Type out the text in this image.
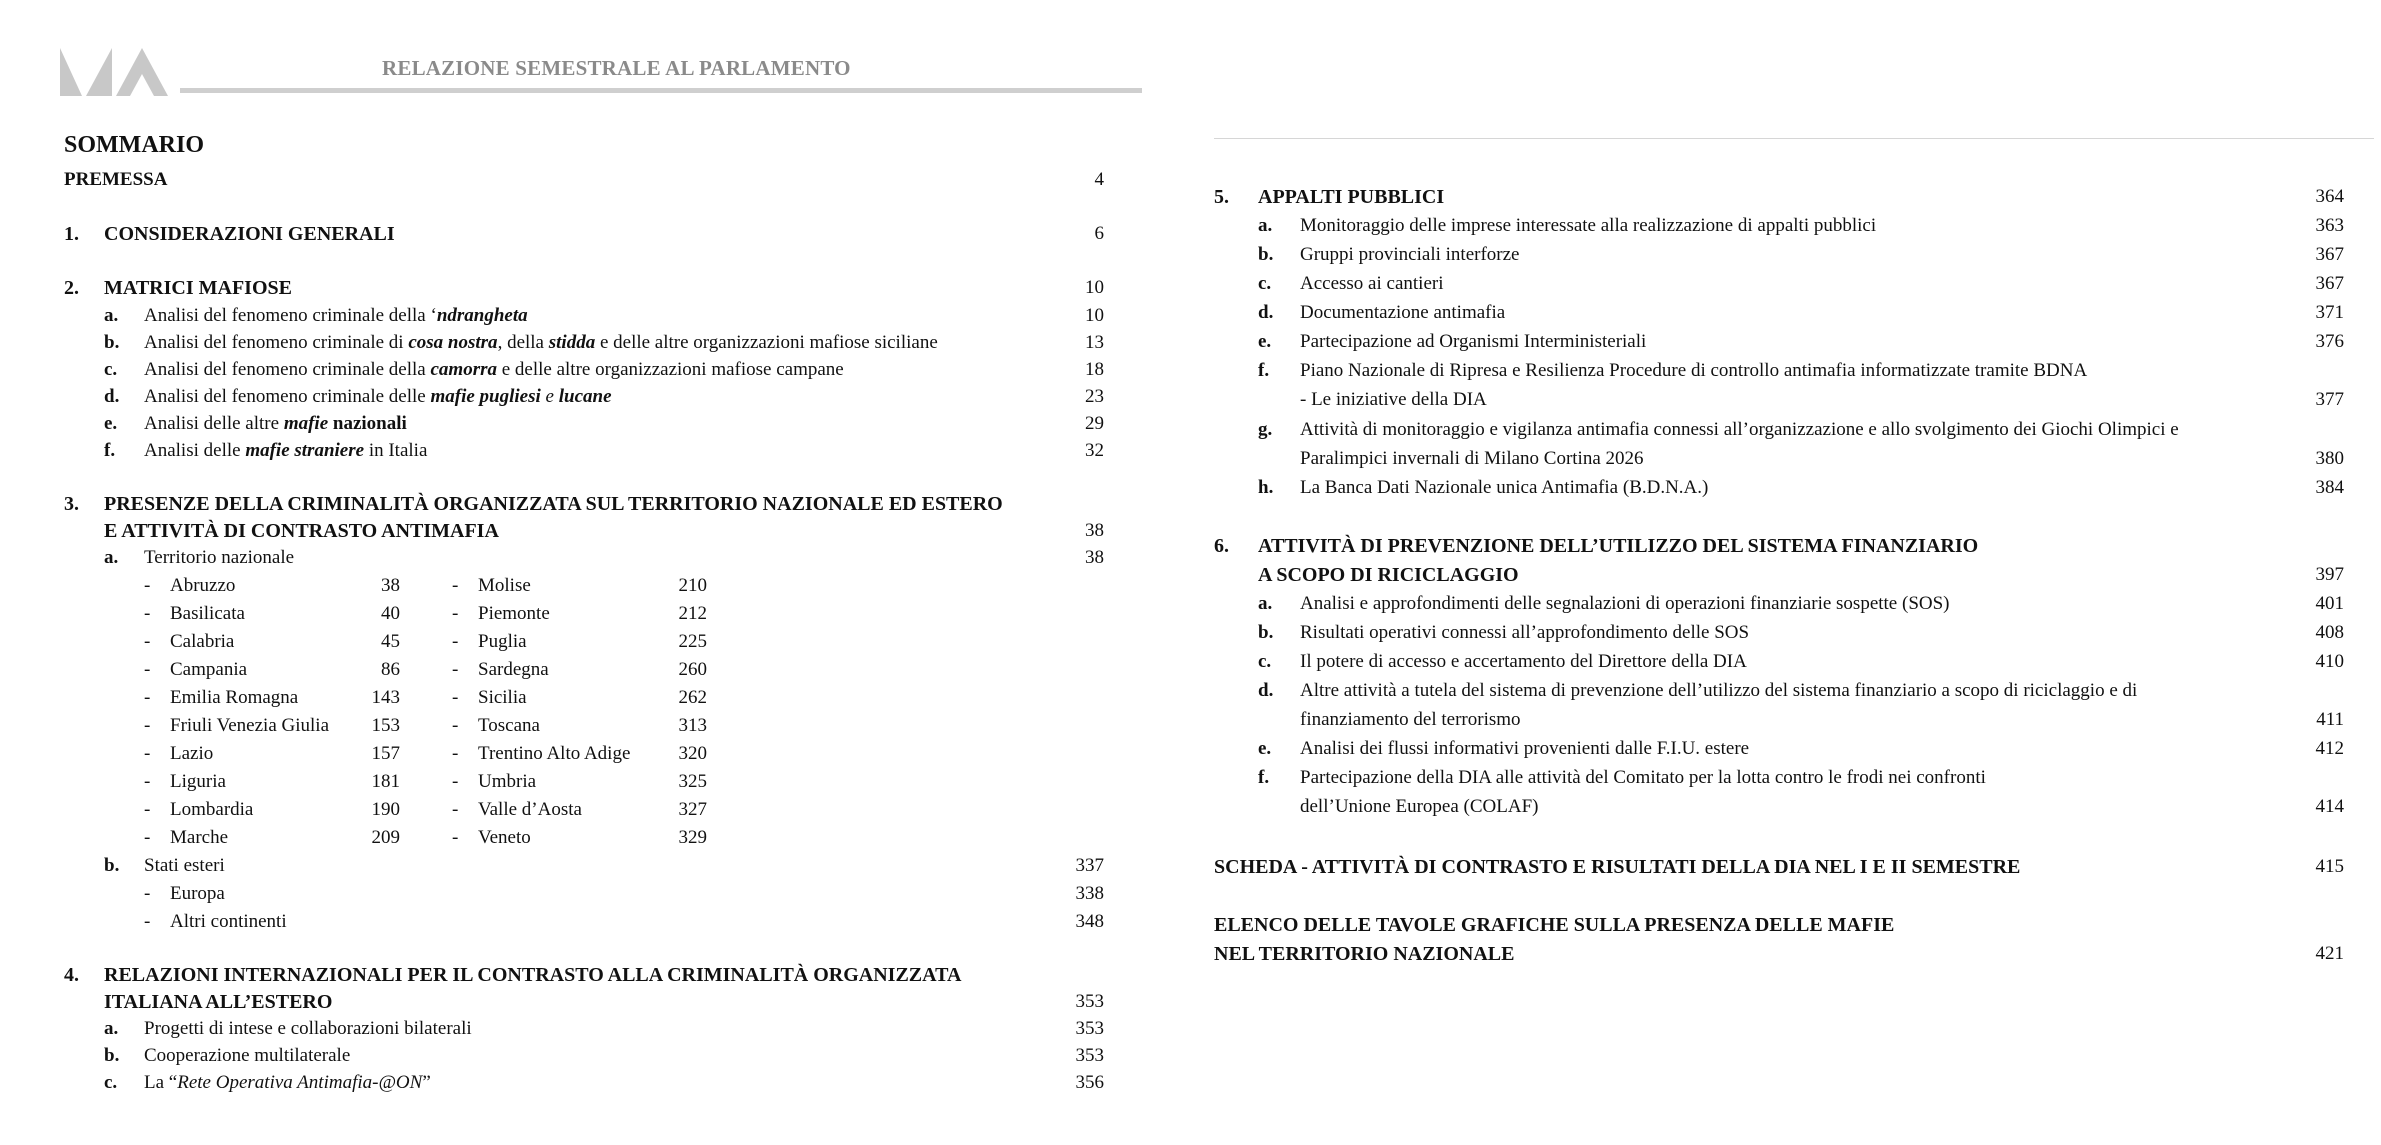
RELAZIONE SEMESTRALE AL PARLAMENTO
SOMMARIO
PREMESSA	4
1. CONSIDERAZIONI GENERALI	6
2. MATRICI MAFIOSE	10
a. Analisi del fenomeno criminale della ‘ndrangheta	10
b. Analisi del fenomeno criminale di cosa nostra, della stidda e delle altre organizzazioni mafiose siciliane	13
c. Analisi del fenomeno criminale della camorra e delle altre organizzazioni mafiose campane	18
d. Analisi del fenomeno criminale delle mafie pugliesi e lucane	23
e. Analisi delle altre mafie nazionali	29
f. Analisi delle mafie straniere in Italia	32
3. PRESENZE DELLA CRIMINALITÀ ORGANIZZATA SUL TERRITORIO NAZIONALE ED ESTERO
E ATTIVITÀ DI CONTRASTO ANTIMAFIA	38
a. Territorio nazionale	38
- Abruzzo	38
- Basilicata	40
- Calabria	45
- Campania	86
- Emilia Romagna	143
- Friuli Venezia Giulia	153
- Lazio	157
- Liguria	181
- Lombardia	190
- Marche	209
- Molise	210
- Piemonte	212
- Puglia	225
- Sardegna	260
- Sicilia	262
- Toscana	313
- Trentino Alto Adige	320
- Umbria	325
- Valle d’Aosta	327
- Veneto	329
b. Stati esteri	337
- Europa	338
- Altri continenti	348
4. RELAZIONI INTERNAZIONALI PER IL CONTRASTO ALLA CRIMINALITÀ ORGANIZZATA
ITALIANA ALL’ESTERO	353
a. Progetti di intese e collaborazioni bilaterali	353
b. Cooperazione multilaterale	353
c. La “Rete Operativa Antimafia-@ON”	356
5. APPALTI PUBBLICI	364
a. Monitoraggio delle imprese interessate alla realizzazione di appalti pubblici	363
b. Gruppi provinciali interforze	367
c. Accesso ai cantieri	367
d. Documentazione antimafia	371
e. Partecipazione ad Organismi Interministeriali	376
f. Piano Nazionale di Ripresa e Resilienza Procedure di controllo antimafia informatizzate tramite BDNA
- Le iniziative della DIA	377
g. Attività di monitoraggio e vigilanza antimafia connessi all’organizzazione e allo svolgimento dei Giochi Olimpici e
Paralimpici invernali di Milano Cortina 2026	380
h. La Banca Dati Nazionale unica Antimafia (B.D.N.A.)	384
6. ATTIVITÀ DI PREVENZIONE DELL’UTILIZZO DEL SISTEMA FINANZIARIO
A SCOPO DI RICICLAGGIO	397
a. Analisi e approfondimenti delle segnalazioni di operazioni finanziarie sospette (SOS)	401
b. Risultati operativi connessi all’approfondimento delle SOS	408
c. Il potere di accesso e accertamento del Direttore della DIA	410
d. Altre attività a tutela del sistema di prevenzione dell’utilizzo del sistema finanziario a scopo di riciclaggio e di
finanziamento del terrorismo	411
e. Analisi dei flussi informativi provenienti dalle F.I.U. estere	412
f. Partecipazione della DIA alle attività del Comitato per la lotta contro le frodi nei confronti
dell’Unione Europea (COLAF)	414
SCHEDA - ATTIVITÀ DI CONTRASTO E RISULTATI DELLA DIA NEL I E II SEMESTRE	415
ELENCO DELLE TAVOLE GRAFICHE SULLA PRESENZA DELLE MAFIE
NEL TERRITORIO NAZIONALE	421
